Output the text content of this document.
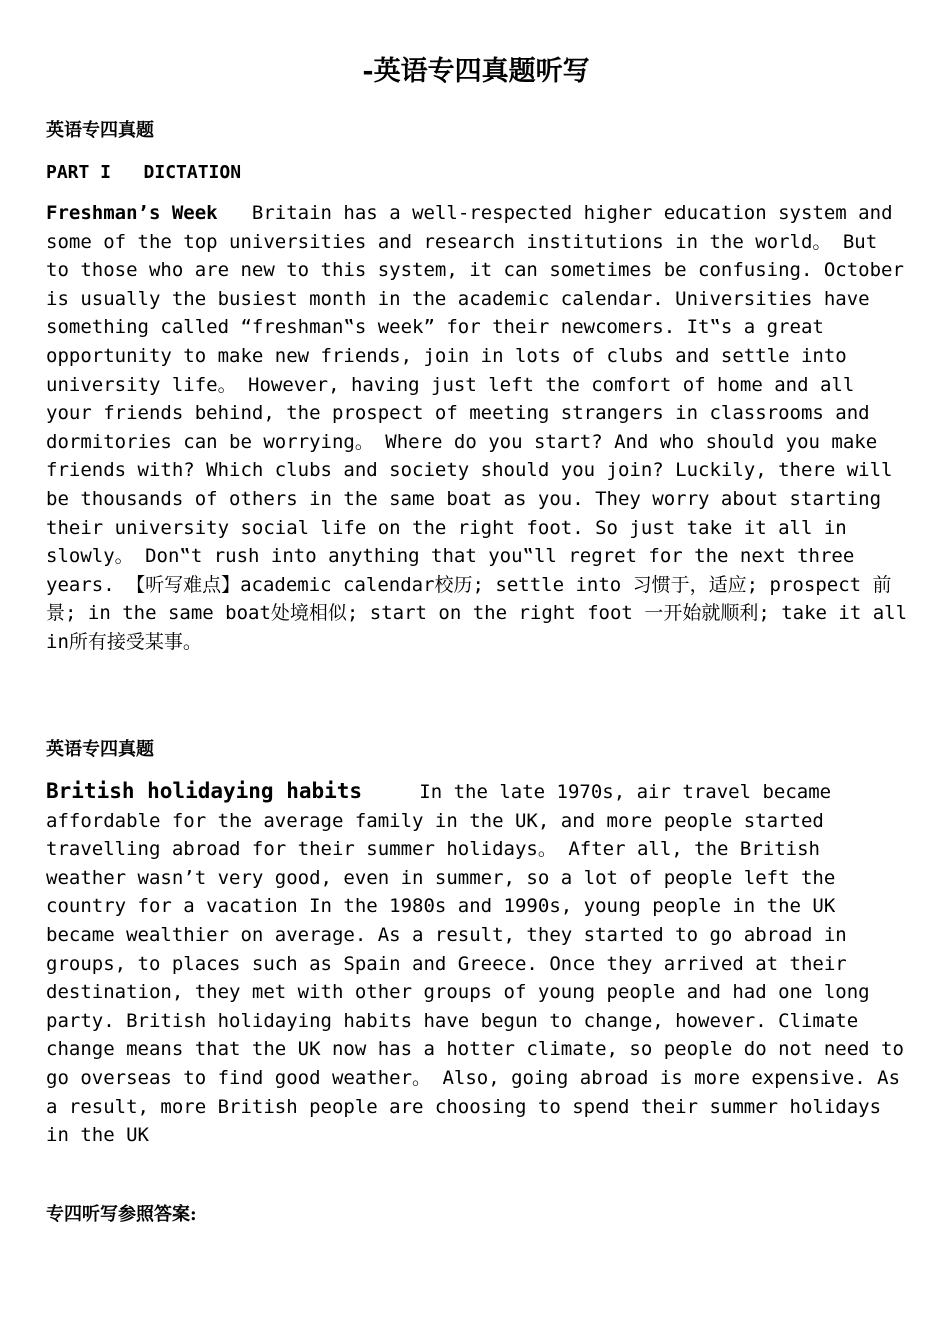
-英语专四真题听写
英语专四真题
PART I   DICTATION

Freshman’s Week Britain has a well-respected higher education system and some of the top universities and research institutions in the world。 But to those who are new to this system, it can sometimes be confusing. October is usually the busiest month in the academic calendar. Universities have something called “freshman‟s week” for their newcomers. It‟s a great opportunity to make new friends, join in lots of clubs and settle into university life。 However, having just left the comfort of home and all your friends behind, the prospect of meeting strangers in classrooms and dormitories can be worrying。 Where do you start? And who should you make friends with? Which clubs and society should you join? Luckily, there will be thousands of others in the same boat as you. They worry about starting their university social life on the right foot. So just take it all in slowly。 Don‟t rush into anything that you‟ll regret for the next three years. 【听写难点】academic calendar校历; settle into 习惯于，适应; prospect 前景; in the same boat处境相似; start on the right foot 一开始就顺利; take it all in所有接受某事。

英语专四真题

British holidaying habits	In the late 1970s, air travel became affordable for the average family in the UK, and more people started travelling abroad for their summer holidays。 After all, the British weather wasn’t very good, even in summer, so a lot of people left the country for a vacation In the 1980s and 1990s, young people in the UK became wealthier on average. As a result, they started to go abroad in groups, to places such as Spain and Greece. Once they arrived at their destination, they met with other groups of young people and had one long party. British holidaying habits have begun to change, however. Climate change means that the UK now has a hotter climate, so people do not need to go overseas to find good weather。 Also, going abroad is more expensive. As a result, more British people are choosing to spend their summer holidays in the UK

专四听写参照答案:
